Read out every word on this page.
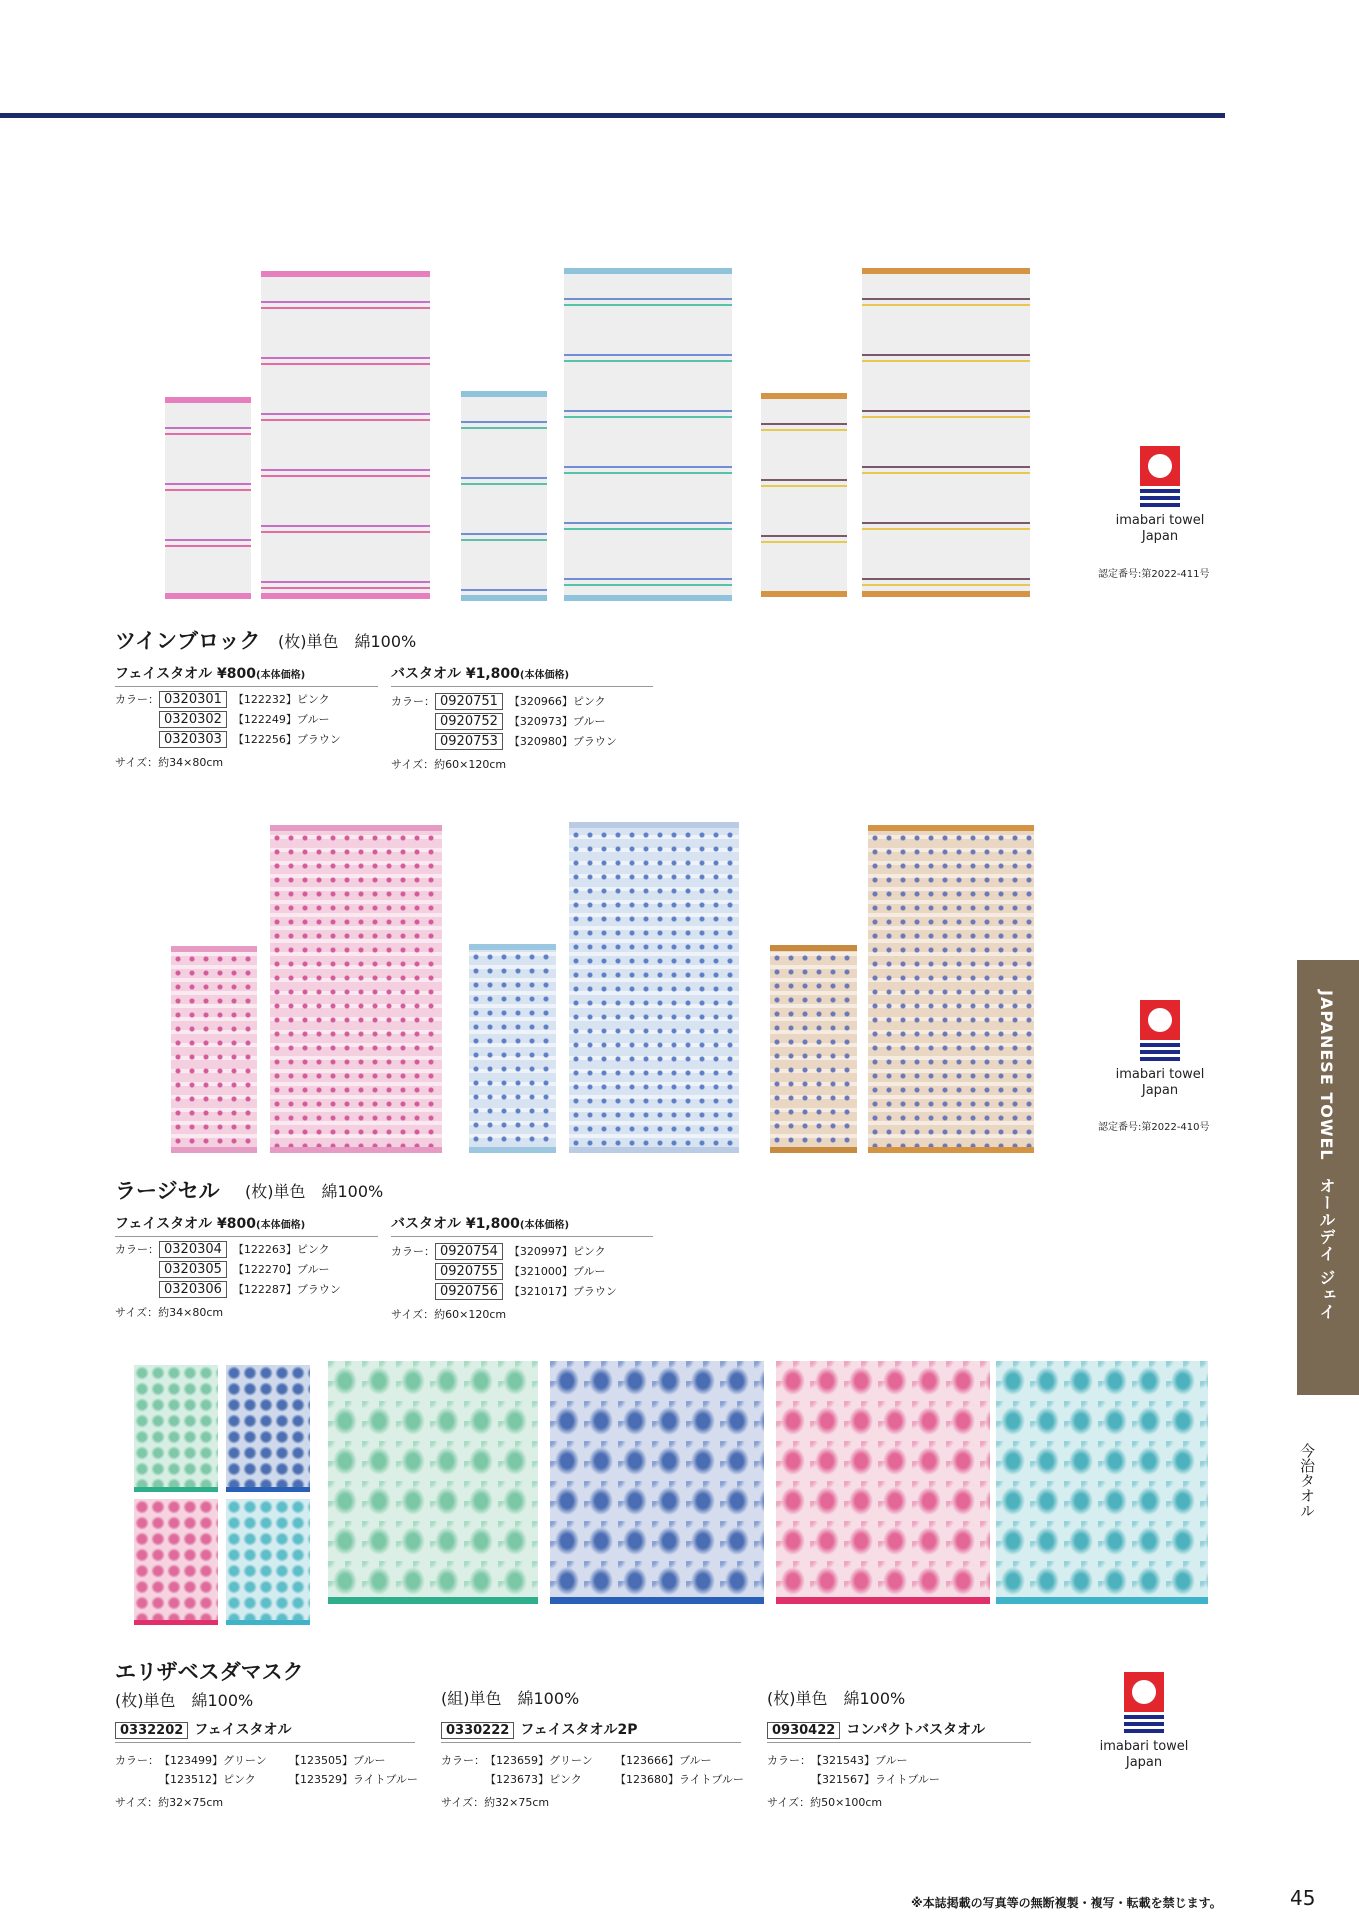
imabari towel
Japan
認定番号:第2022-411号
ツインブロック (枚)単色　綿100%
フェイスタオル ¥800(本体価格)
カラー： 0320301 【122232】ピンク
0320302 【122249】ブルー
0320303 【122256】ブラウン
サイズ：約34×80cm
バスタオル ¥1,800(本体価格)
カラー： 0920751 【320966】ピンク
0920752 【320973】ブルー
0920753 【320980】ブラウン
サイズ：約60×120cm
imabari towel
Japan
認定番号:第2022-410号
ラージセル (枚)単色　綿100%
フェイスタオル ¥800(本体価格)
カラー： 0320304 【122263】ピンク
0320305 【122270】ブルー
0320306 【122287】ブラウン
サイズ：約34×80cm
バスタオル ¥1,800(本体価格)
カラー： 0920754 【320997】ピンク
0920755 【321000】ブルー
0920756 【321017】ブラウン
サイズ：約60×120cm
エリザベスダマスク
(枚)単色　綿100%
0332202 フェイスタオル
カラー：【123499】グリーン 【123505】ブルー
【123512】ピンク	【123529】ライトブルー
サイズ：約32×75cm
(組)単色　綿100%
0330222 フェイスタオル2P
カラー：【123659】グリーン 【123666】ブルー
【123673】ピンク	【123680】ライトブルー
サイズ：約32×75cm
(枚)単色　綿100%
0930422 コンパクトバスタオル
カラー：【321543】ブルー
【321567】ライトブルー
サイズ：約50×100cm
imabari towel
Japan
JAPANESE TOWEL　オールデイ ジェイ
今治タオル
※本誌掲載の写真等の無断複製・複写・転載を禁じます。	45
